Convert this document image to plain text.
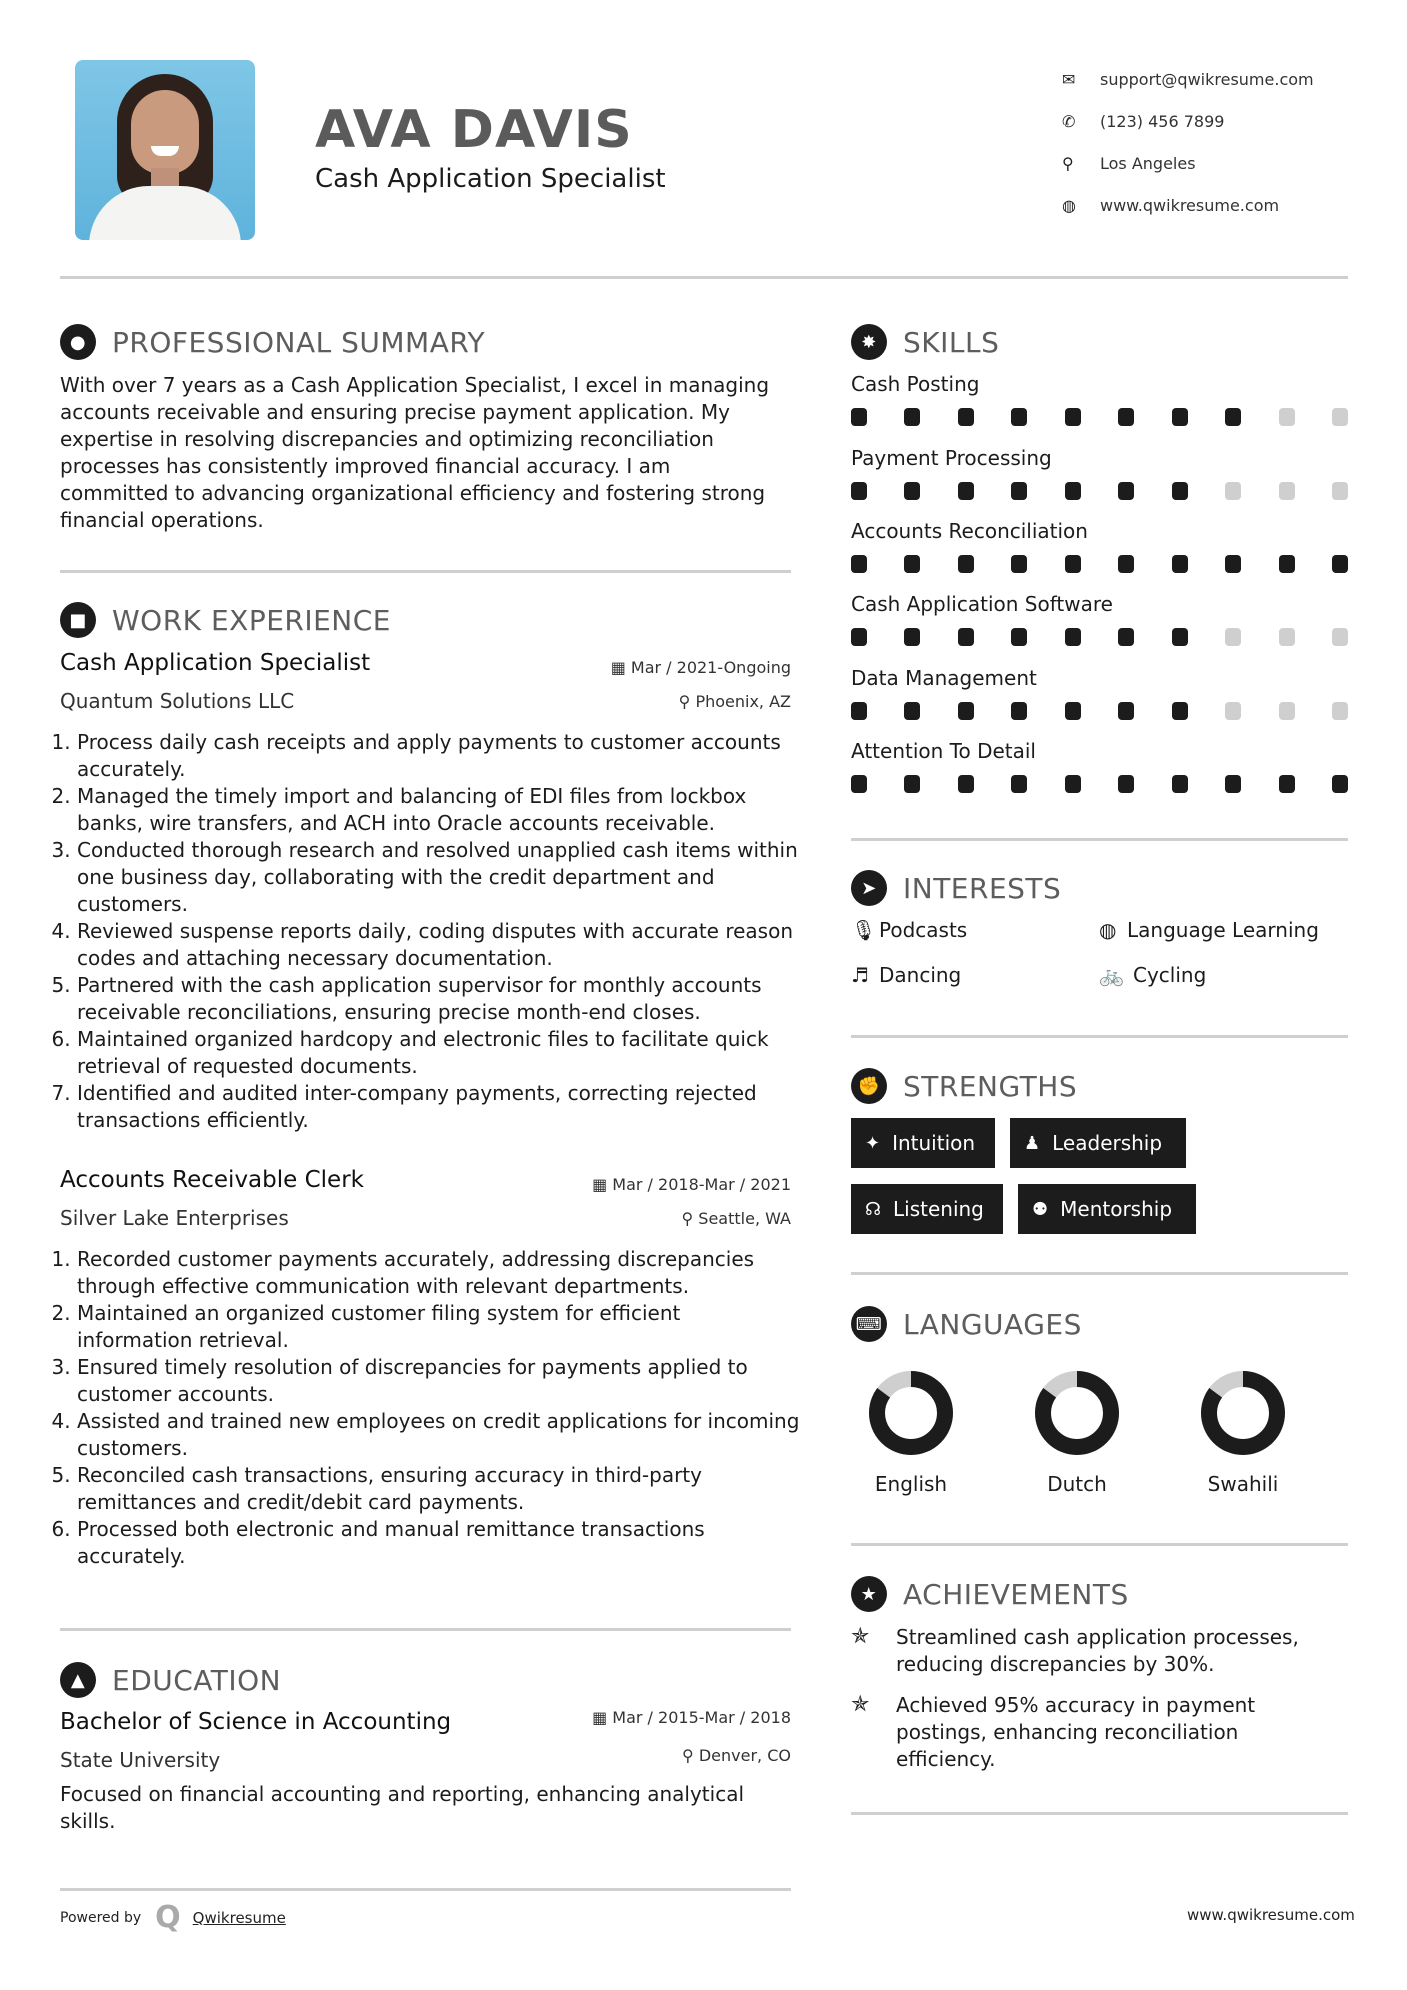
AVA DAVIS
Cash Application Specialist
✉	support@qwikresume.com
✆	(123) 456 7899
⚲	Los Angeles
◍	www.qwikresume.com
● PROFESSIONAL SUMMARY
With over 7 years as a Cash Application Specialist, I excel in managing
accounts receivable and ensuring precise payment application. My
expertise in resolving discrepancies and optimizing reconciliation
processes has consistently improved financial accuracy. I am
committed to advancing organizational efficiency and fostering strong
financial operations.
■ WORK EXPERIENCE
Cash Application Specialist	▦ Mar / 2021-Ongoing
Quantum Solutions LLC	⚲ Phoenix, AZ
1. Process daily cash receipts and apply payments to customer accounts accurately.
2. Managed the timely import and balancing of EDI files from lockbox banks, wire transfers, and ACH into Oracle accounts receivable.
3. Conducted thorough research and resolved unapplied cash items within one business day, collaborating with the credit department and customers.
4. Reviewed suspense reports daily, coding disputes with accurate reason codes and attaching necessary documentation.
5. Partnered with the cash application supervisor for monthly accounts receivable reconciliations, ensuring precise month-end closes.
6. Maintained organized hardcopy and electronic files to facilitate quick retrieval of requested documents.
7. Identified and audited inter-company payments, correcting rejected transactions efficiently.
Accounts Receivable Clerk	▦ Mar / 2018-Mar / 2021
Silver Lake Enterprises	⚲ Seattle, WA
1. Recorded customer payments accurately, addressing discrepancies through effective communication with relevant departments.
2. Maintained an organized customer filing system for efficient information retrieval.
3. Ensured timely resolution of discrepancies for payments applied to customer accounts.
4. Assisted and trained new employees on credit applications for incoming customers.
5. Reconciled cash transactions, ensuring accuracy in third-party remittances and credit/debit card payments.
6. Processed both electronic and manual remittance transactions accurately.
▲ EDUCATION
Bachelor of Science in Accounting	▦ Mar / 2015-Mar / 2018
State University	⚲ Denver, CO
Focused on financial accounting and reporting, enhancing analytical
skills.
✸ SKILLS
Cash Posting
Payment Processing
Accounts Reconciliation
Cash Application Software
Data Management
Attention To Detail
➤ INTERESTS
🎙 Podcasts	◍ Language Learning
♬ Dancing	🚲 Cycling
✊ STRENGTHS
✦ Intuition	♟ Leadership
☊ Listening	⚉ Mentorship
⌨ LANGUAGES
English	Dutch	Swahili
★ ACHIEVEMENTS
✯ Streamlined cash application processes,
reducing discrepancies by 30%.
✯ Achieved 95% accuracy in payment
postings, enhancing reconciliation
efficiency.
Powered by Q Qwikresume	www.qwikresume.com
